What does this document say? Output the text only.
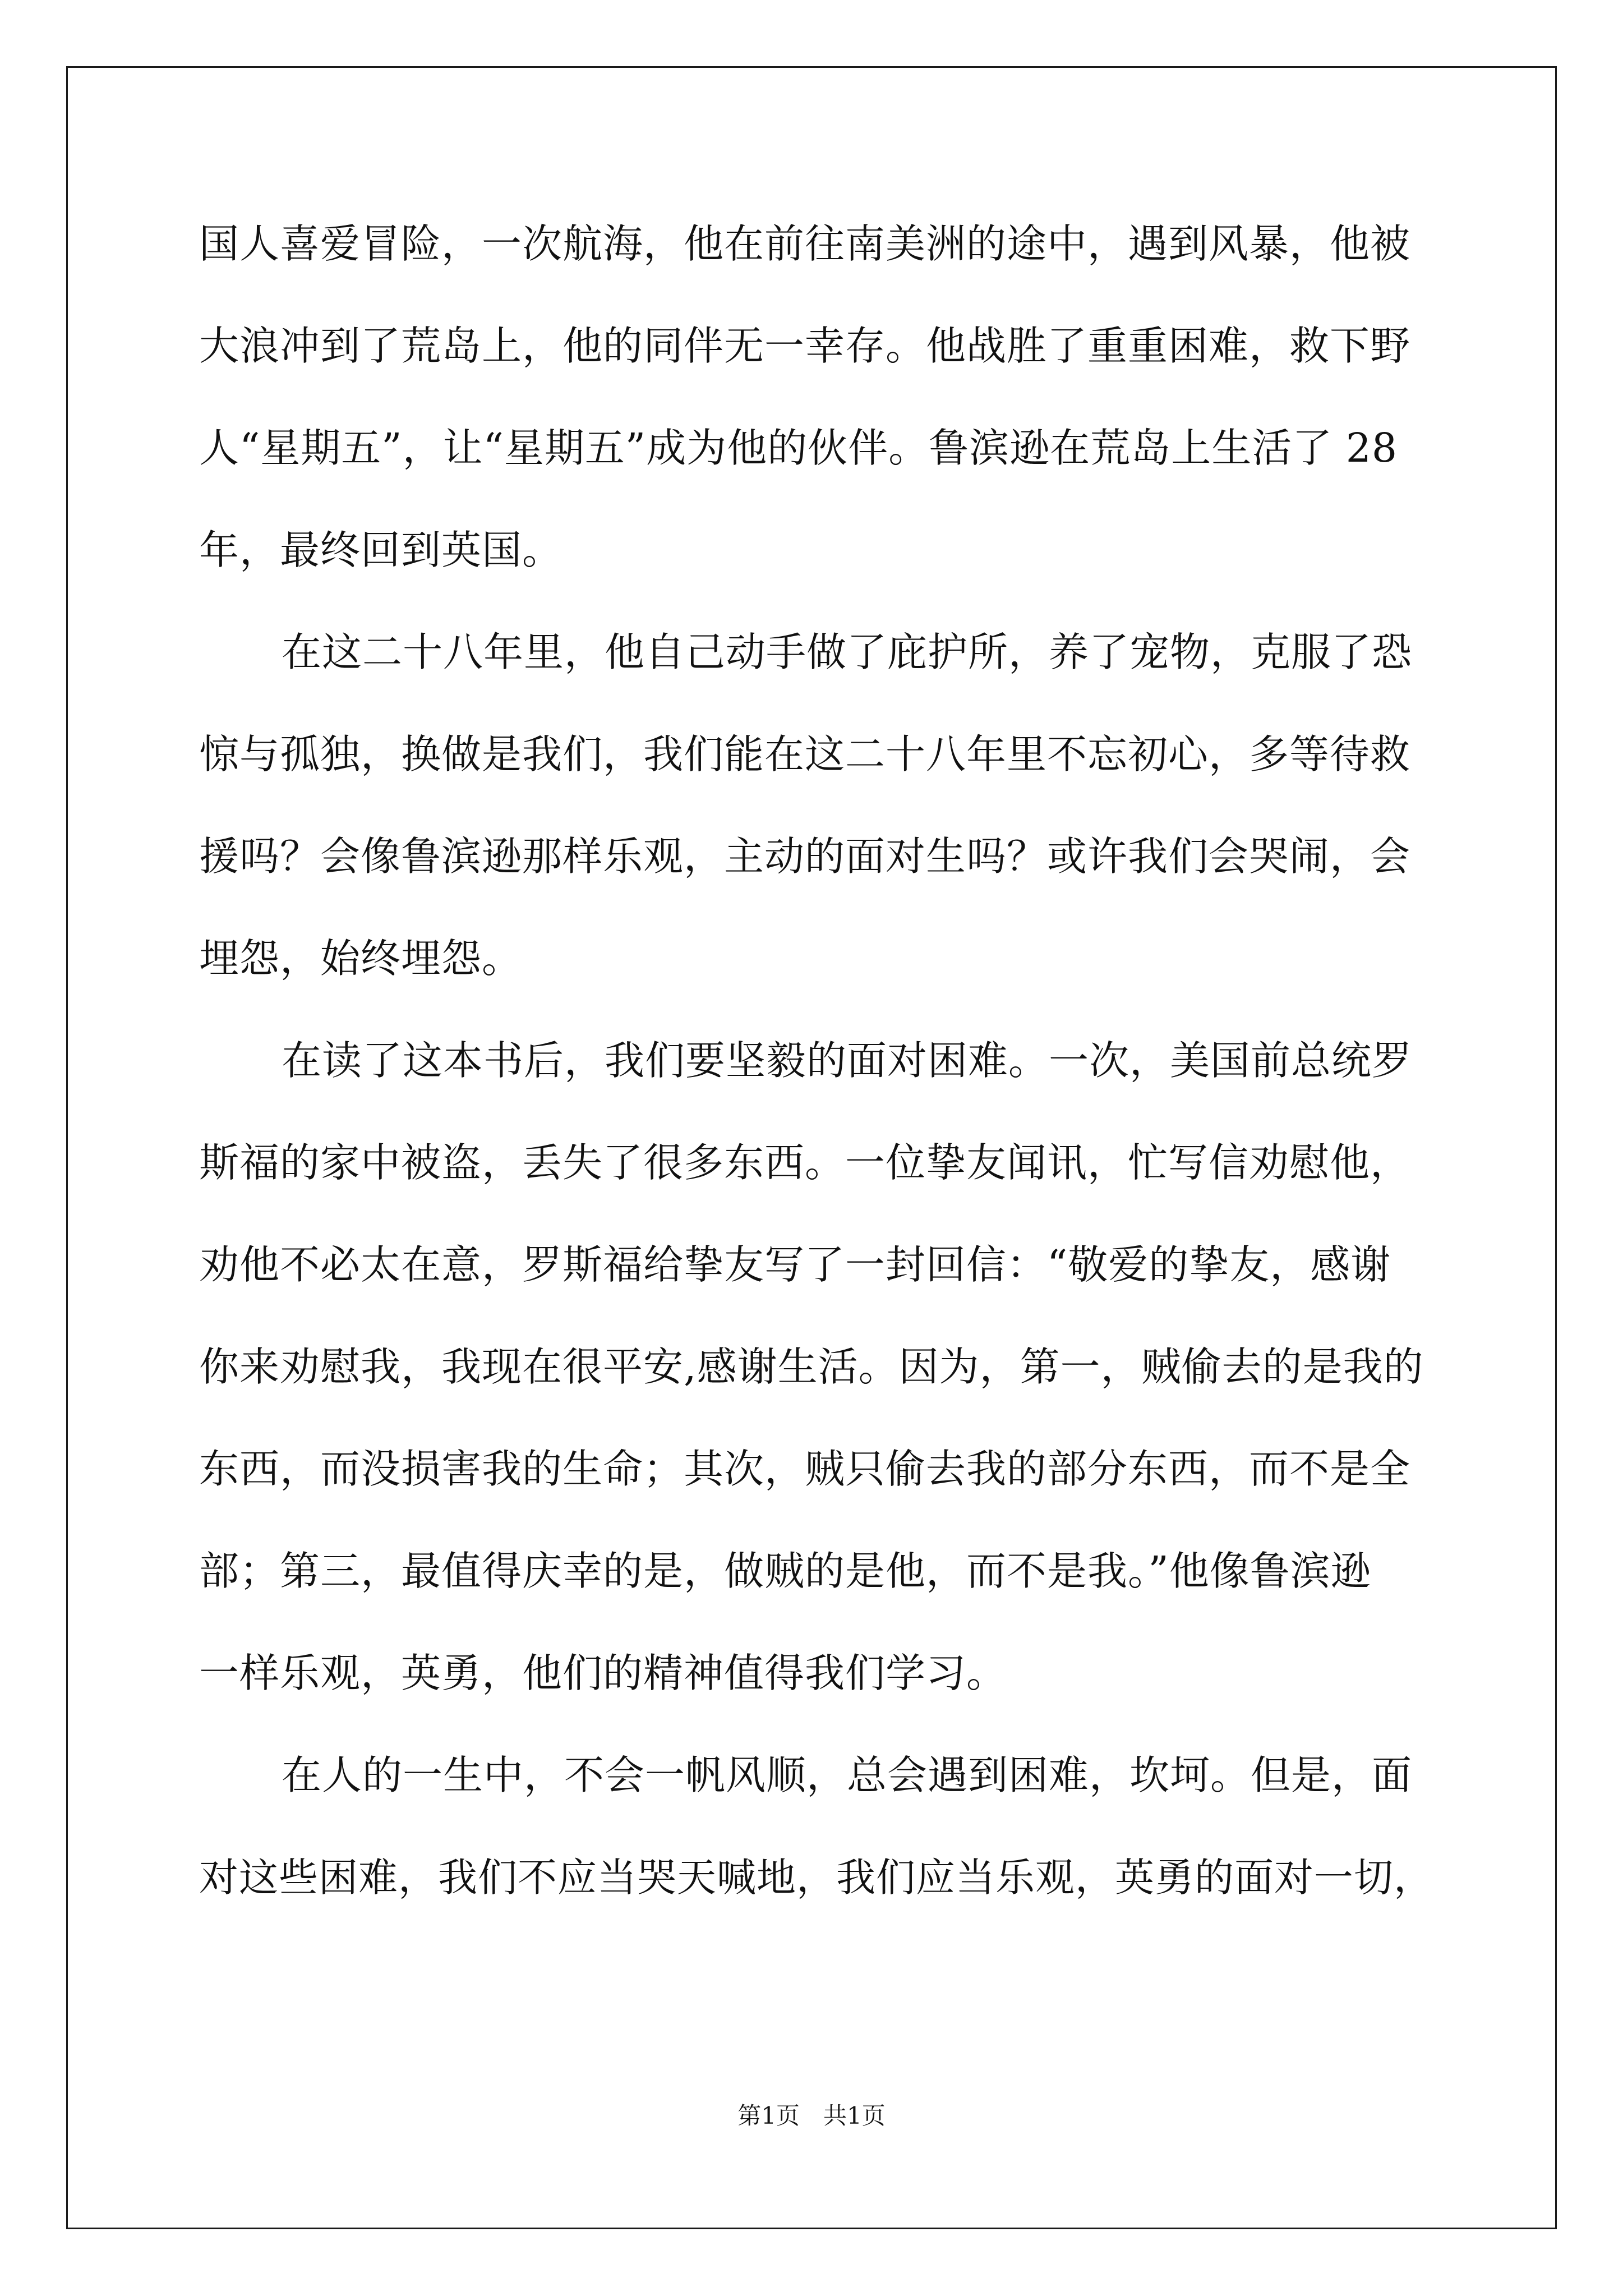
国人喜爱冒险，一次航海，他在前往南美洲的途中，遇到风暴，他被
大浪冲到了荒岛上，他的同伴无一幸存。他战胜了重重困难，救下野
人“星期五”，让“星期五”成为他的伙伴。鲁滨逊在荒岛上生活了 28
年，最终回到英国。
在这二十八年里，他自己动手做了庇护所，养了宠物，克服了恐
惊与孤独，换做是我们，我们能在这二十八年里不忘初心，多等待救
援吗？会像鲁滨逊那样乐观，主动的面对生吗？或许我们会哭闹，会
埋怨，始终埋怨。
在读了这本书后，我们要坚毅的面对困难。一次，美国前总统罗
斯福的家中被盗，丢失了很多东西。一位挚友闻讯，忙写信劝慰他，
劝他不必太在意，罗斯福给挚友写了一封回信：“敬爱的挚友，感谢
你来劝慰我，我现在很平安,感谢生活。因为，第一，贼偷去的是我的
东西，而没损害我的生命；其次，贼只偷去我的部分东西，而不是全
部；第三，最值得庆幸的是，做贼的是他，而不是我。”他像鲁滨逊
一样乐观，英勇，他们的精神值得我们学习。
在人的一生中，不会一帆风顺，总会遇到困难，坎坷。但是，面
对这些困难，我们不应当哭天喊地，我们应当乐观，英勇的面对一切，
第1页　共1页
